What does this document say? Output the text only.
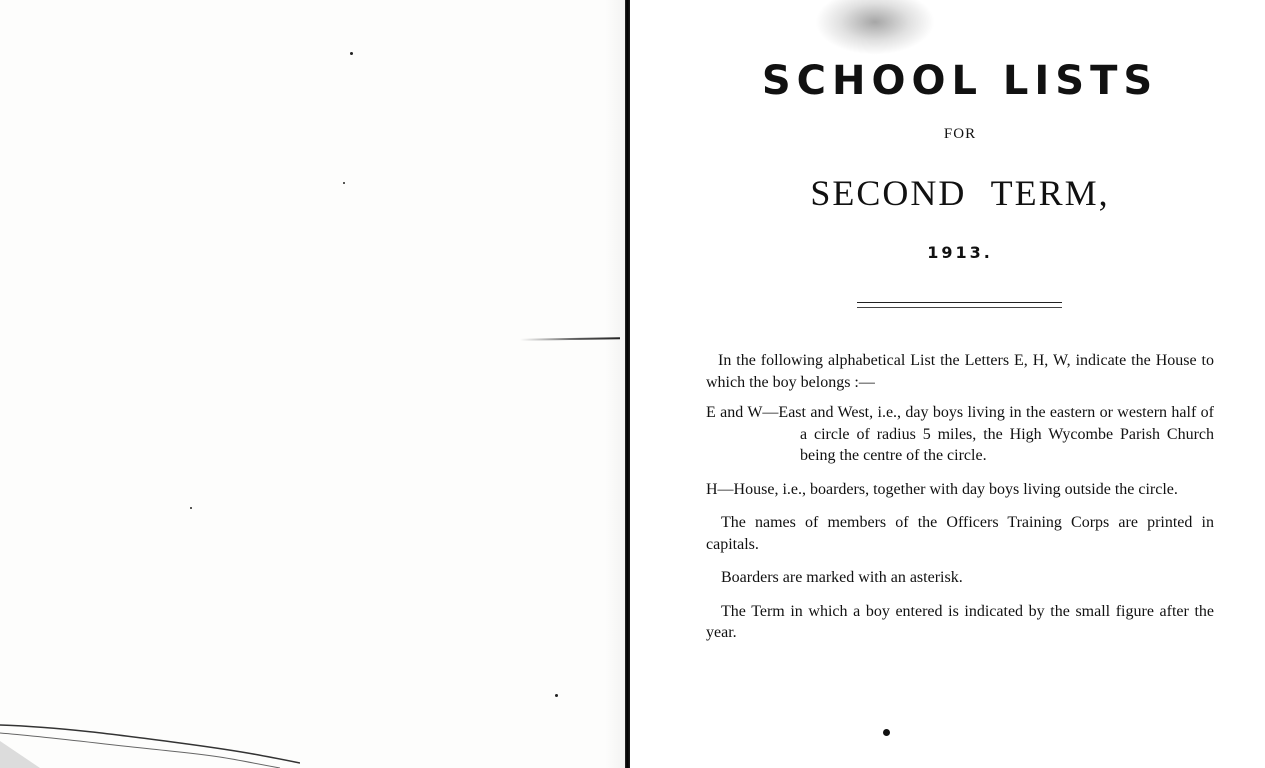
SCHOOL LISTS
FOR
SECOND TERM,
1913.

In the following alphabetical List the Letters E, H, W, indicate the House to which the boy belongs :—

E and W—East and West, i.e., day boys living in the eastern or western half of a circle of radius 5 miles, the High Wycombe Parish Church being the centre of the circle.

H—House, i.e., boarders, together with day boys living outside the circle.

The names of members of the Officers Training Corps are printed in capitals.

Boarders are marked with an asterisk.

The Term in which a boy entered is indicated by the small figure after the year.
